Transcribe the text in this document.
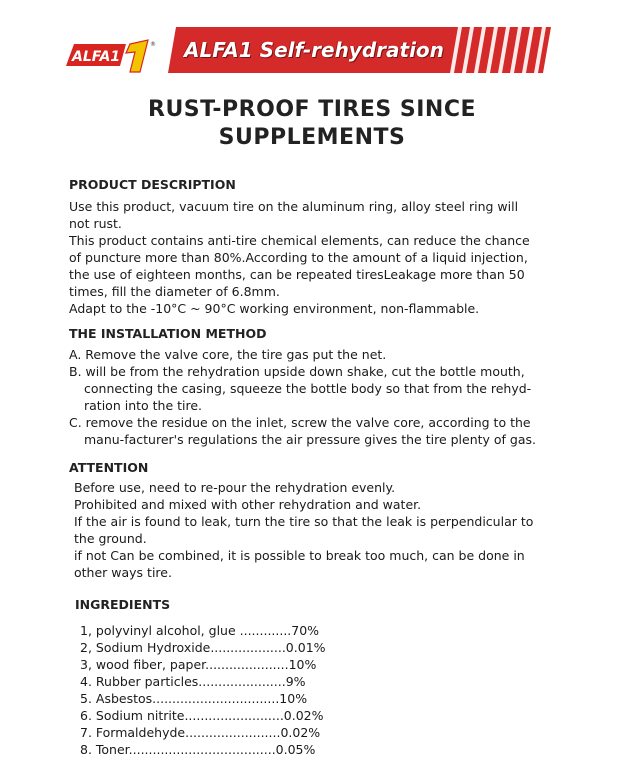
ALFA1
® ALFA1 Self-rehydration
RUST-PROOF TIRES SINCE
SUPPLEMENTS
PRODUCT DESCRIPTION
Use this product, vacuum tire on the aluminum ring, alloy steel ring will
not rust.
This product contains anti-tire chemical elements, can reduce the chance
of puncture more than 80%.According to the amount of a liquid injection,
the use of eighteen months, can be repeated tiresLeakage more than 50
times, fill the diameter of 6.8mm.
Adapt to the -10°C ~ 90°C working environment, non-flammable.
THE INSTALLATION METHOD
A. Remove the valve core, the tire gas put the net.
B. will be from the rehydration upside down shake, cut the bottle mouth,
connecting the casing, squeeze the bottle body so that from the rehyd-
ration into the tire.
C. remove the residue on the inlet, screw the valve core, according to the
manu-facturer's regulations the air pressure gives the tire plenty of gas.
ATTENTION
Before use, need to re-pour the rehydration evenly.
Prohibited and mixed with other rehydration and water.
If the air is found to leak, turn the tire so that the leak is perpendicular to
the ground.
if not Can be combined, it is possible to break too much, can be done in
other ways tire.
INGREDIENTS
1, polyvinyl alcohol, glue .............70%
2, Sodium Hydroxide...................0.01%
3, wood fiber, paper.....................10%
4. Rubber particles......................9%
5. Asbestos................................10%
6. Sodium nitrite.........................0.02%
7. Formaldehyde........................0.02%
8. Toner.....................................0.05%
